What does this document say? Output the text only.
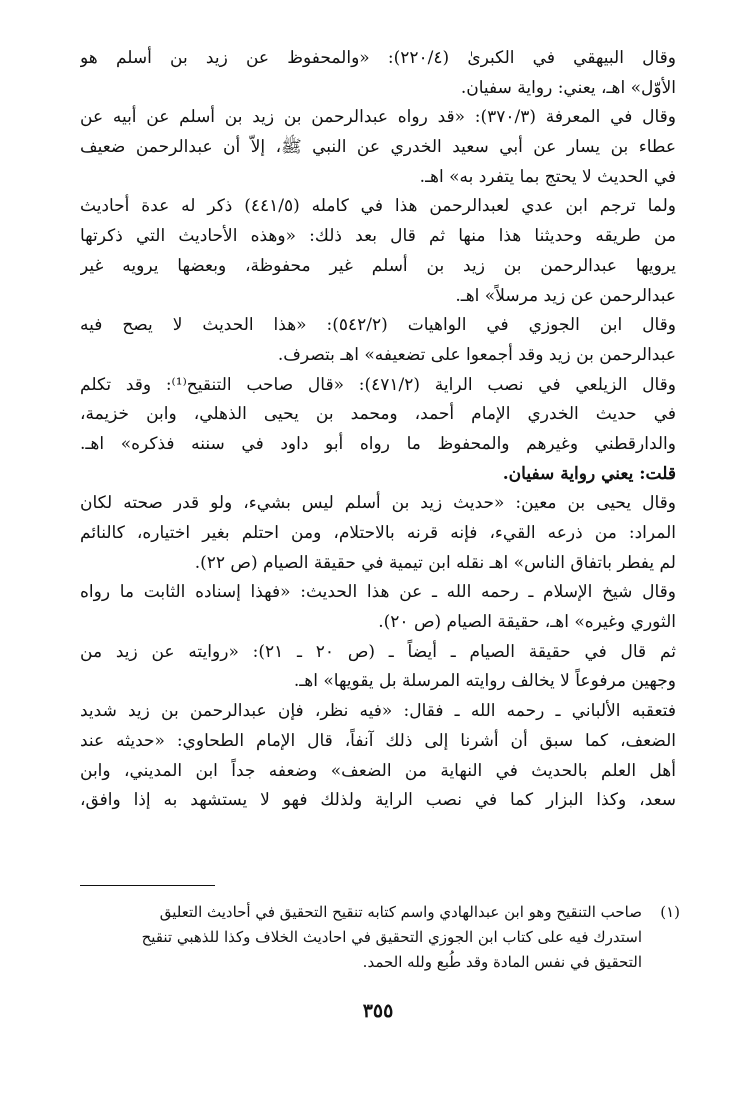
وقال البيهقي في الكبرىٰ (٢٢٠/٤): «والمحفوظ عن زيد بن أسلم هو
الأوّل» اهـ، يعني: رواية سفيان.
وقال في المعرفة (٣٧٠/٣): «قد رواه عبدالرحمن بن زيد بن أسلم عن أبيه عن
عطاء بن يسار عن أبي سعيد الخدري عن النبي ﷺ، إلاّ أن عبدالرحمن ضعيف
في الحديث لا يحتج بما يتفرد به» اهـ.
ولما ترجم ابن عدي لعبدالرحمن هذا في كامله (٤٤١/٥) ذكر له عدة أحاديث
من طريقه وحديثنا هذا منها ثم قال بعد ذلك: «وهذه الأحاديث التي ذكرتها
يرويها عبدالرحمن بن زيد بن أسلم غير محفوظة، وبعضها يرويه غير
عبدالرحمن عن زيد مرسلاً» اهـ.
وقال ابن الجوزي في الواهيات (٥٤٢/٢): «هذا الحديث لا يصح فيه
عبدالرحمن بن زيد وقد أجمعوا على تضعيفه» اهـ بتصرف.
وقال الزيلعي في نصب الراية (٤٧١/٢): «قال صاحب التنقيح⁽¹⁾: وقد تكلم
في حديث الخدري الإمام أحمد، ومحمد بن يحيى الذهلي، وابن خزيمة،
والدارقطني وغيرهم والمحفوظ ما رواه أبو داود في سننه فذكره» اهـ.
قلت: يعني رواية سفيان.
وقال يحيى بن معين: «حديث زيد بن أسلم ليس بشيء، ولو قدر صحته لكان
المراد: من ذرعه القيء، فإنه قرنه بالاحتلام، ومن احتلم بغير اختياره، كالنائم
لم يفطر باتفاق الناس» اهـ نقله ابن تيمية في حقيقة الصيام (ص ٢٢).
وقال شيخ الإسلام ـ رحمه الله ـ عن هذا الحديث: «فهذا إسناده الثابت ما رواه
الثوري وغيره» اهـ، حقيقة الصيام (ص ٢٠).
ثم قال في حقيقة الصيام ـ أيضاً ـ (ص ٢٠ ـ ٢١): «روايته عن زيد من
وجهين مرفوعاً لا يخالف روايته المرسلة بل يقويها» اهـ.
فتعقبه الألباني ـ رحمه الله ـ فقال: «فيه نظر، فإن عبدالرحمن بن زيد شديد
الضعف، كما سبق أن أشرنا إلى ذلك آنفاً، قال الإمام الطحاوي: «حديثه عند
أهل العلم بالحديث في النهاية من الضعف» وضعفه جداً ابن المديني، وابن
سعد، وكذا البزار كما في نصب الراية ولذلك فهو لا يستشهد به إذا وافق،
(١)صاحب التنقيح وهو ابن عبدالهادي واسم كتابه تنقيح التحقيق في أحاديث التعليق
استدرك فيه على كتاب ابن الجوزي التحقيق في احاديث الخلاف وكذا للذهبي تنقيح
التحقيق في نفس المادة وقد طُبع ولله الحمد.
٣٥٥
